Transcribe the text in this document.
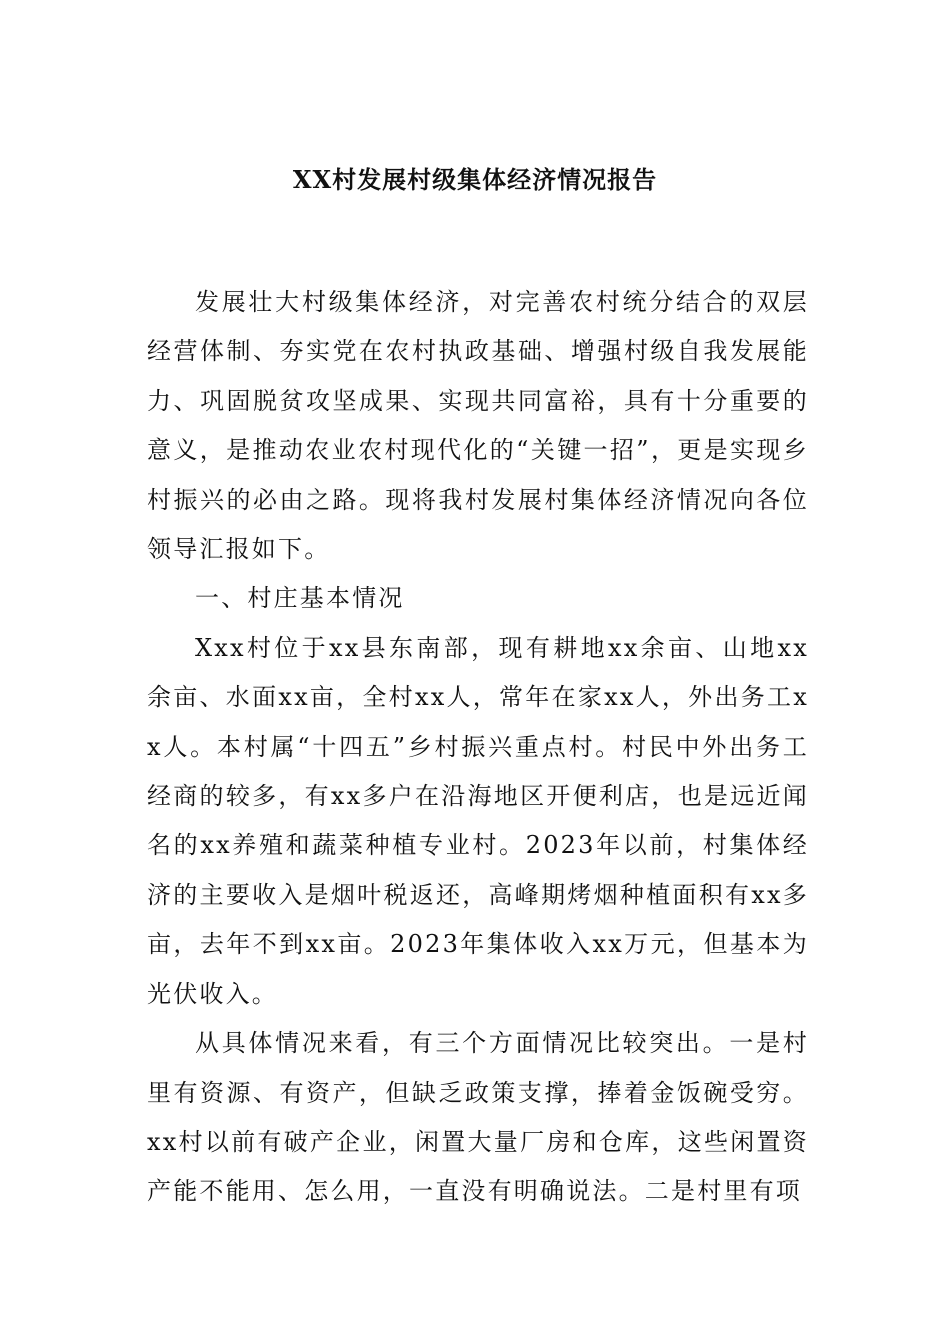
XX村发展村级集体经济情况报告

发展壮大村级集体经济，对完善农村统分结合的双层经营体制、夯实党在农村执政基础、增强村级自我发展能力、巩固脱贫攻坚成果、实现共同富裕，具有十分重要的意义，是推动农业农村现代化的“关键一招”，更是实现乡村振兴的必由之路。现将我村发展村集体经济情况向各位领导汇报如下。

一、村庄基本情况

Xxx村位于xx县东南部，现有耕地xx余亩、山地xx余亩、水面xx亩，全村xx人，常年在家xx人，外出务工xx人。本村属“十四五”乡村振兴重点村。村民中外出务工经商的较多，有xx多户在沿海地区开便利店，也是远近闻名的xx养殖和蔬菜种植专业村。2023年以前，村集体经济的主要收入是烟叶税返还，高峰期烤烟种植面积有xx多亩，去年不到xx亩。2023年集体收入xx万元，但基本为光伏收入。

从具体情况来看，有三个方面情况比较突出。一是村里有资源、有资产，但缺乏政策支撑，捧着金饭碗受穷。xx村以前有破产企业，闲置大量厂房和仓库，这些闲置资产能不能用、怎么用，一直没有明确说法。二是村里有项
